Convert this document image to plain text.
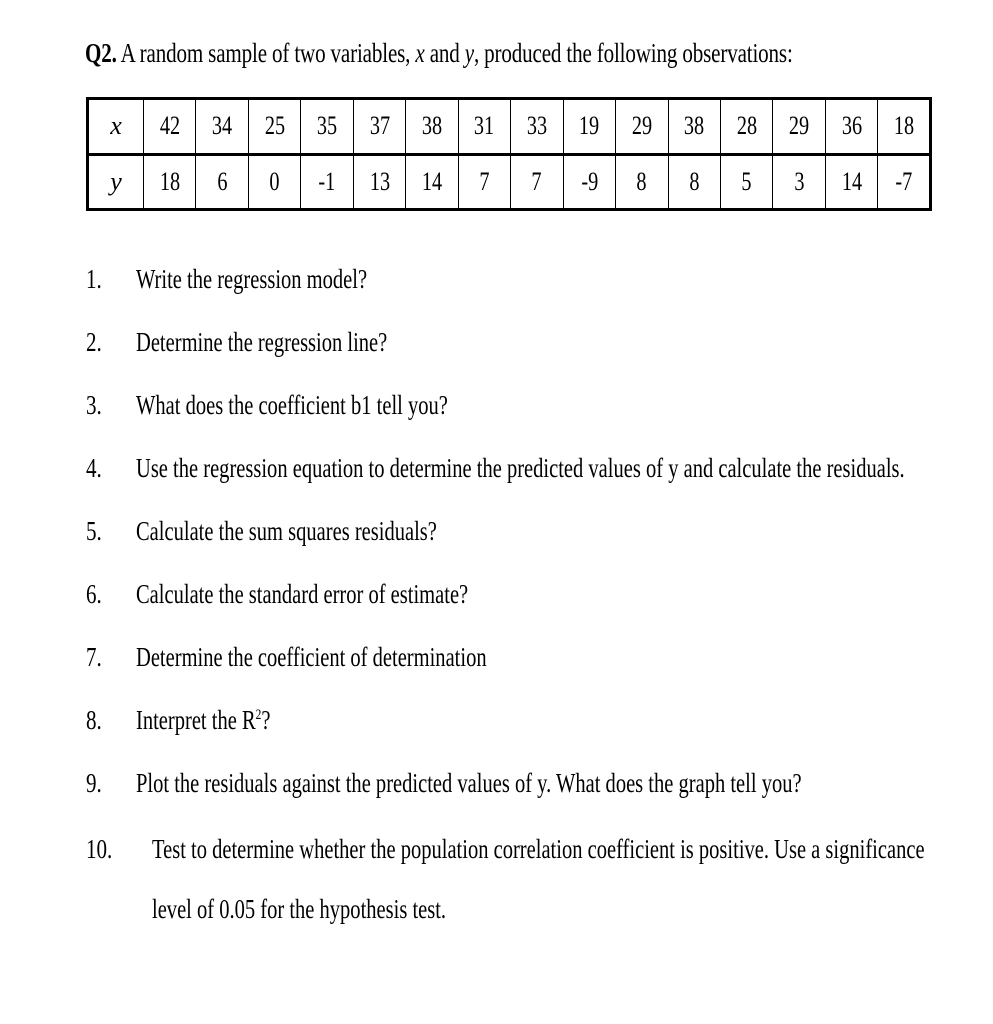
Q2. A random sample of two variables, x and y, produced the following observations:
x	42	34	25	35	37	38	31	33	19	29	38	28	29	36	18
y	18	6	0	-1	13	14	7	7	-9	8	8	5	3	14	-7
1. Write the regression model?
2. Determine the regression line?
3. What does the coefficient b1 tell you?
4. Use the regression equation to determine the predicted values of y and calculate the residuals.
5. Calculate the sum squares residuals?
6. Calculate the standard error of estimate?
7. Determine the coefficient of determination
8. Interpret the $R^2$?
9. Plot the residuals against the predicted values of y. What does the graph tell you?
10. Test to determine whether the population correlation coefficient is positive. Use a significance
level of 0.05 for the hypothesis test.
